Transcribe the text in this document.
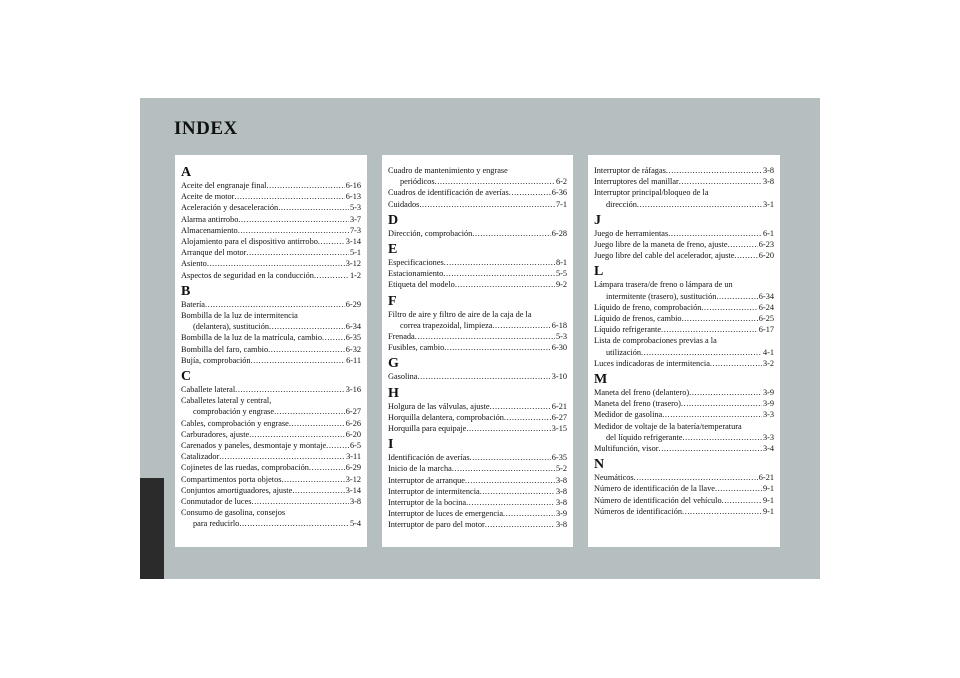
INDEX
A
Aceite del engranaje final .....	6-16
Aceite de motor .....	6-13
Aceleración y desaceleración .....	5-3
Alarma antirrobo .....	3-7
Almacenamiento .....	7-3
Alojamiento para el dispositivo antirrobo .....	3-14
Arranque del motor .....	5-1
Asiento .....	3-12
Aspectos de seguridad en la conducción .....	1-2
B
Batería .....	6-29
Bombilla de la luz de intermitencia
(delantera), sustitución .....	6-34
Bombilla de la luz de la matrícula, cambio .....	6-35
Bombilla del faro, cambio .....	6-32
Bujía, comprobación .....	6-11
C
Caballete lateral .....	3-16
Caballetes lateral y central,
comprobación y engrase .....	6-27
Cables, comprobación y engrase .....	6-26
Carburadores, ajuste .....	6-20
Carenados y paneles, desmontaje y montaje .....	6-5
Catalizador .....	3-11
Cojinetes de las ruedas, comprobación .....	6-29
Compartimentos porta objetos .....	3-12
Conjuntos amortiguadores, ajuste .....	3-14
Conmutador de luces .....	3-8
Consumo de gasolina, consejos
para reducirlo .....	5-4
Cuadro de mantenimiento y engrase
periódicos .....	6-2
Cuadros de identificación de averías .....	6-36
Cuidados .....	7-1
D
Dirección, comprobación .....	6-28
E
Especificaciones .....	8-1
Estacionamiento .....	5-5
Etiqueta del modelo .....	9-2
F
Filtro de aire y filtro de aire de la caja de la
correa trapezoidal, limpieza .....	6-18
Frenada .....	5-3
Fusibles, cambio .....	6-30
G
Gasolina .....	3-10
H
Holgura de las válvulas, ajuste .....	6-21
Horquilla delantera, comprobación .....	6-27
Horquilla para equipaje .....	3-15
I
Identificación de averías .....	6-35
Inicio de la marcha .....	5-2
Interruptor de arranque .....	3-8
Interruptor de intermitencia .....	3-8
Interruptor de la bocina .....	3-8
Interruptor de luces de emergencia .....	3-9
Interruptor de paro del motor .....	3-8
Interruptor de ráfagas .....	3-8
Interruptores del manillar .....	3-8
Interruptor principal/bloqueo de la
dirección .....	3-1
J
Juego de herramientas .....	6-1
Juego libre de la maneta de freno, ajuste .....	6-23
Juego libre del cable del acelerador, ajuste .....	6-20
L
Lámpara trasera/de freno o lámpara de un
intermitente (trasero), sustitución .....	6-34
Líquido de freno, comprobación .....	6-24
Líquido de frenos, cambio .....	6-25
Líquido refrigerante .....	6-17
Lista de comprobaciones previas a la
utilización .....	4-1
Luces indicadoras de intermitencia .....	3-2
M
Maneta del freno (delantero) .....	3-9
Maneta del freno (trasero) .....	3-9
Medidor de gasolina .....	3-3
Medidor de voltaje de la batería/temperatura
del líquido refrigerante .....	3-3
Multifunción, visor .....	3-4
N
Neumáticos .....	6-21
Número de identificación de la llave .....	9-1
Número de identificación del vehículo .....	9-1
Números de identificación .....	9-1
